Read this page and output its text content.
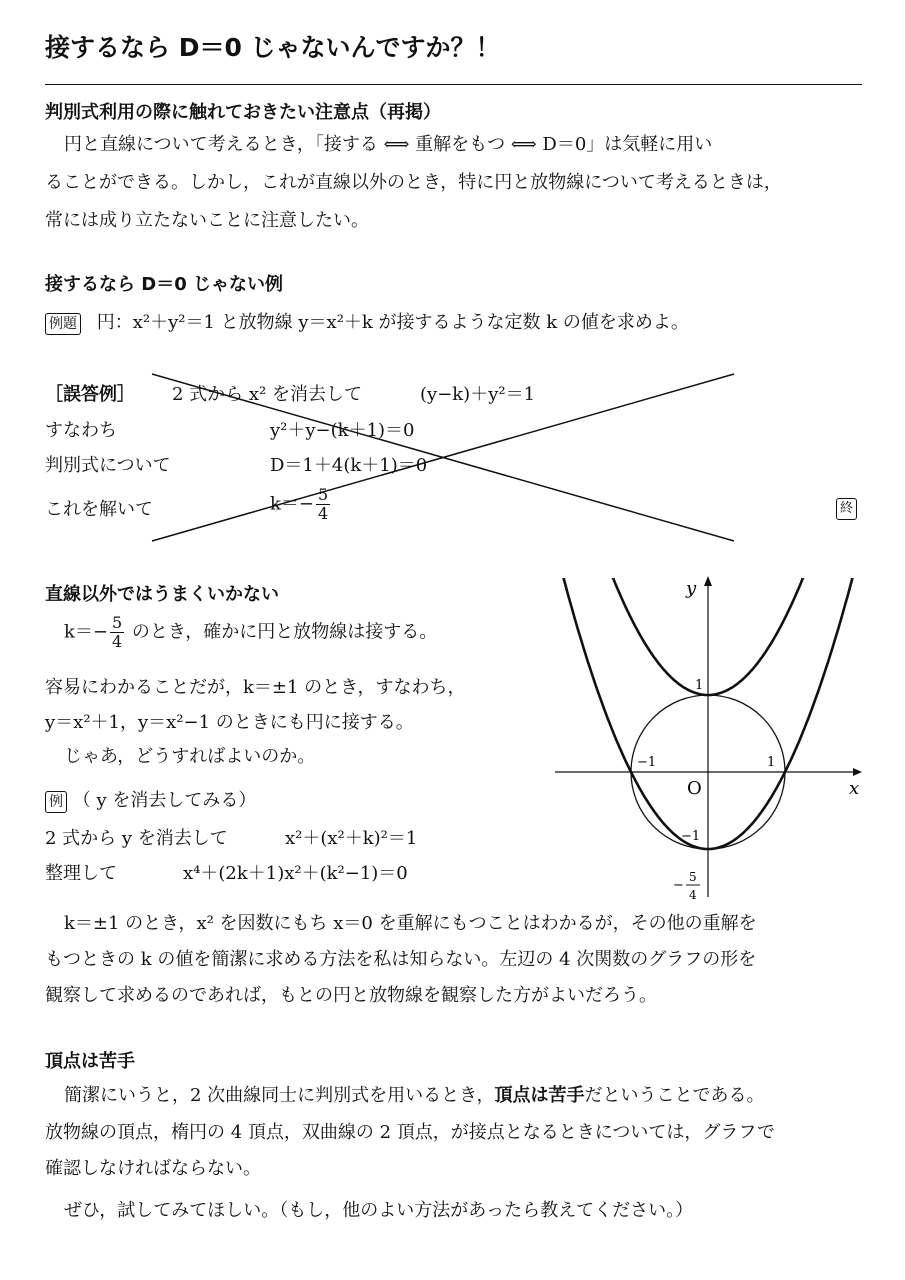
接するなら D＝0 じゃないんですか？！
判別式利用の際に触れておきたい注意点（再掲）
円と直線について考えるとき，「接する ⟺ 重解をもつ ⟺ D＝0」は気軽に用い
ることができる。しかし，これが直線以外のとき，特に円と放物線について考えるときは，
常には成り立たないことに注意したい。
接するなら D＝0 じゃない例
例題 円：x²＋y²＝1 と放物線 y＝x²＋k が接するような定数 k の値を求めよ。
［誤答例］ 2 式から x² を消去して	(y−k)＋y²＝1
すなわち	y²＋y−(k＋1)＝0
判別式について	D＝1＋4(k＋1)＝0
これを解いて	$k=- \frac{5}{4}$	終
直線以外ではうまくいかない
$k=- \frac{5}{4}$ のとき，確かに円と放物線は接する。
容易にわかることだが，k＝±1 のとき，すなわち，
y＝x²＋1，y＝x²−1 のときにも円に接する。
じゃあ，どうすればよいのか。
例 （ y を消去してみる）
2 式から y を消去して	x²＋(x²＋k)²＝1
整理して	x⁴＋(2k＋1)x²＋(k²−1)＝0
y
x
O
1
−1	1
−1
−
5
4
k＝±1 のとき，x² を因数にもち x＝0 を重解にもつことはわかるが，その他の重解を
もつときの k の値を簡潔に求める方法を私は知らない。左辺の 4 次関数のグラフの形を
観察して求めるのであれば，もとの円と放物線を観察した方がよいだろう。
頂点は苦手
簡潔にいうと，2 次曲線同士に判別式を用いるとき，頂点は苦手だということである。
放物線の頂点，楕円の 4 頂点，双曲線の 2 頂点，が接点となるときについては，グラフで
確認しなければならない。
ぜひ，試してみてほしい。（もし，他のよい方法があったら教えてください。）
